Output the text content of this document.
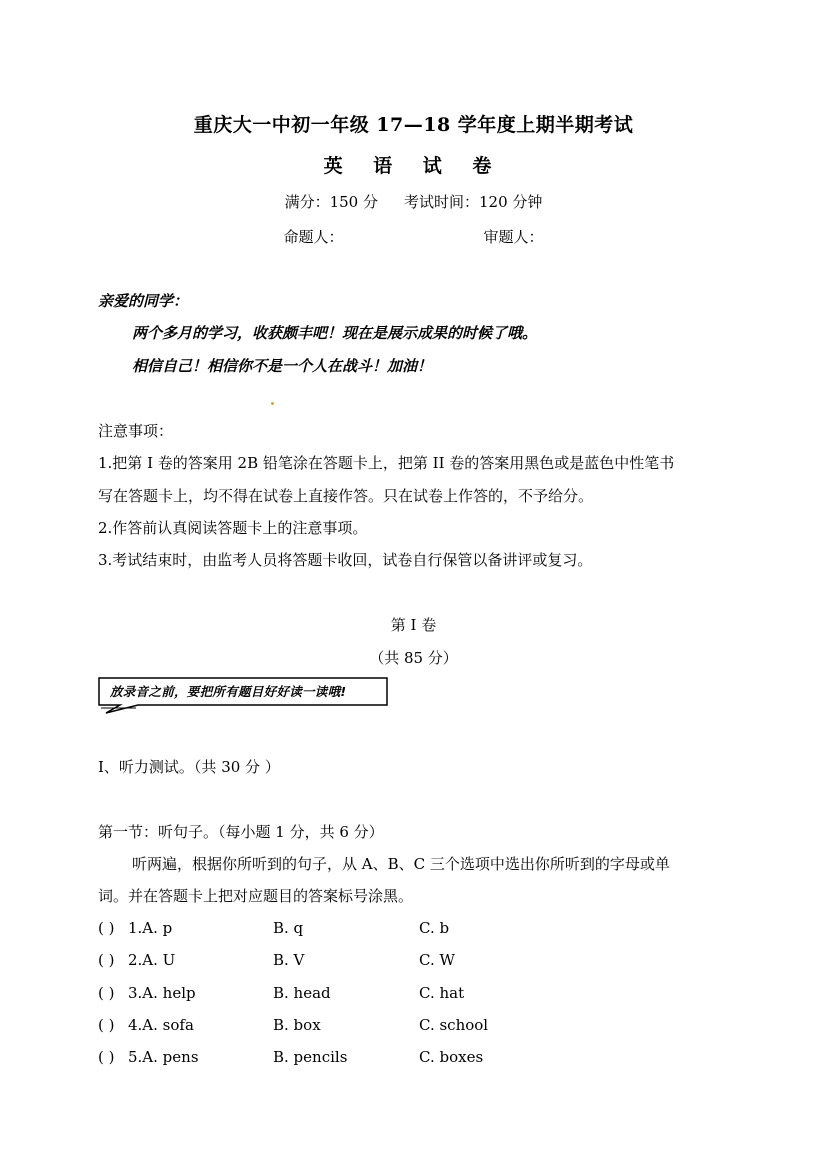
重庆大一中初一年级 17—18 学年度上期半期考试
英 语 试 卷
满分：150 分 考试时间：120 分钟
命题人：	审题人：
亲爱的同学：
两个多月的学习，收获颇丰吧！现在是展示成果的时候了哦。
相信自己！相信你不是一个人在战斗！加油！
注意事项：
1.把第 I 卷的答案用 2B 铅笔涂在答题卡上，把第 II 卷的答案用黑色或是蓝色中性笔书
写在答题卡上，均不得在试卷上直接作答。只在试卷上作答的，不予给分。
2.作答前认真阅读答题卡上的注意事项。
3.考试结束时，由监考人员将答题卡收回，试卷自行保管以备讲评或复习。
第 I 卷
（共 85 分）
放录音之前，要把所有题目好好读一读哦!
I、听力测试。（共 30 分 ）
第一节：听句子。（每小题 1 分，共 6 分）
听两遍，根据你所听到的句子，从 A、B、C 三个选项中选出你所听到的字母或单
词。并在答题卡上把对应题目的答案标号涂黑。
( ) 1.A. p	B. q	C. b
( ) 2.A. U	B. V	C. W
( ) 3.A. help	B. head	C. hat
( ) 4.A. sofa	B. box	C. school
( ) 5.A. pens	B. pencils	C. boxes
